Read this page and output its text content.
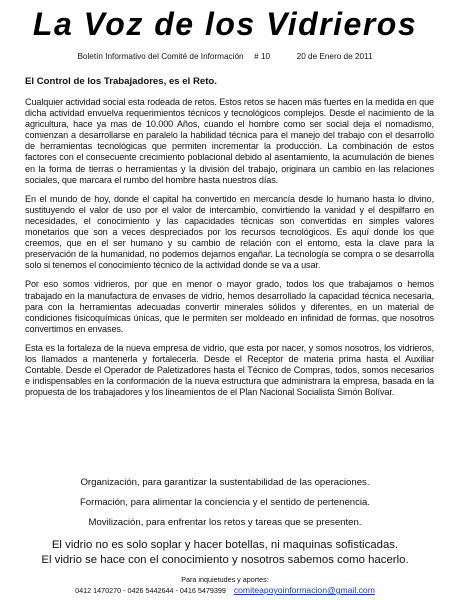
La Voz de los Vidrieros
Boletín Informativo del Comité de Información # 10	20 de Enero de 2011
El Control de los Trabajadores, es el Reto.

Cualquier actividad social esta rodeada de retos. Estos retos se hacen más fuertes en la medida en que dicha actividad envuelva requerimientos técnicos y tecnológicos complejos. Desde el nacimiento de la agricultura, hace ya mas de 10.000 Años, cuando el hombre como ser social deja el nomadismo, comienzan a desarrollarse en paralelo la habilidad técnica para el manejo del trabajo con el desarrollo de herramientas tecnológicas que permiten incrementar la producción. La combinación de estos factores con el consecuente crecimiento poblacional debido al asentamiento, la acumulación de bienes en la forma de tierras o herramientas y la división del trabajo, originara un cambio en las relaciones sociales, que marcara el rumbo del hombre hasta nuestros días.

En el mundo de hoy, donde el capital ha convertido en mercancía desde lo humano hasta lo divino, sustituyendo el valor de uso por el valor de intercambio, convirtiendo la vanidad y el despilfarro en necesidades, el conocimiento y las capacidades técnicas son convertidas en simples valores monetarios que son a veces despreciados por los recursos tecnológicos. Es aquí donde los que creemos, que en el ser humano y su cambio de relación con el entorno, esta la clave para la preservación de la humanidad, no podemos dejarnos engañar. La tecnología se compra o se desarrolla solo si tenemos el conocimiento técnico de la actividad donde se va a usar.

Por eso somos vidrieros, por que en menor o mayor grado, todos los que trabajamos o hemos trabajado en la manufactura de envases de vidrio, hemos desarrollado la capacidad técnica necesaria, para con la herramientas adecuadas convertir minerales sólidos y diferentes, en un material de condiciones fisicoquímicas únicas, que le permiten ser moldeado en infinidad de formas, que nosotros convertimos en envases.

Esta es la fortaleza de la nueva empresa de vidrio, que esta por nacer, y somos nosotros, los vidrieros, los llamados a mantenerla y fortalecerla. Desde el Receptor de materia prima hasta el Auxiliar Contable. Desde el Operador de Paletizadores hasta el Técnico de Compras, todos, somos necesarios e indispensables en la conformación de la nueva estructura que administrara la empresa, basada en la propuesta de los trabajadores y los lineamientos de el Plan Nacional Socialista Simón Bolívar.

Organización, para garantizar la sustentabilidad de las operaciones.
Formación, para alimentar la conciencia y el sentido de pertenencia.
Movilización, para enfrentar los retos y tareas que se presenten.
El vidrio no es solo soplar y hacer botellas, ni maquinas sofisticadas.
El vidrio se hace con el conocimiento y nosotros sabemos como hacerlo.
Para inquietudes y aportes:
0412 1470270 - 0426 5442644 - 0416 5479399 comiteapoyoinformacion@gmail.com
